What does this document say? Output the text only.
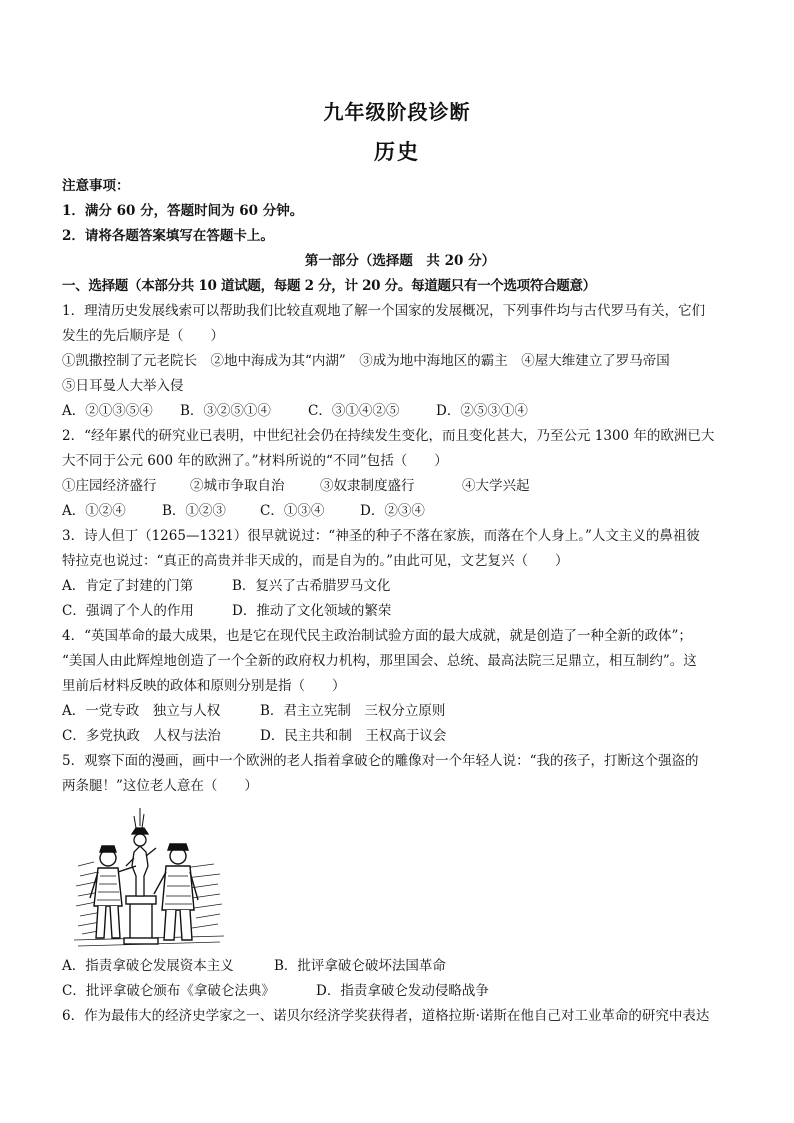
九年级阶段诊断
历史
注意事项：
1．满分 60 分，答题时间为 60 分钟。
2．请将各题答案填写在答题卡上。
第一部分（选择题　共 20 分）
一、选择题（本部分共 10 道试题，每题 2 分，计 20 分。每道题只有一个选项符合题意）
1．理清历史发展线索可以帮助我们比较直观地了解一个国家的发展概况，下列事件均与古代罗马有关，它们
发生的先后顺序是（　　）
①凯撒控制了元老院长　②地中海成为其“内湖”　③成为地中海地区的霸主　④屋大维建立了罗马帝国
⑤日耳曼人大举入侵
A．②①③⑤④ B．③②⑤①④	C．③①④②⑤	D．②⑤③①④
2．“经年累代的研究业已表明，中世纪社会仍在持续发生变化，而且变化甚大，乃至公元 1300 年的欧洲已大
大不同于公元 600 年的欧洲了。”材料所说的“不同”包括（　　）
①庄园经济盛行 ②城市争取自治	③奴隶制度盛行	④大学兴起
A．①②④	B．①②③	C．①③④	D．②③④
3．诗人但丁（1265—1321）很早就说过：“神圣的种子不落在家族，而落在个人身上。”人文主义的鼻祖彼
特拉克也说过：“真正的高贵并非天成的，而是自为的。”由此可见，文艺复兴（　　）
A．肯定了封建的门第	B．复兴了古希腊罗马文化
C．强调了个人的作用	D．推动了文化领域的繁荣
4．“英国革命的最大成果，也是它在现代民主政治制试验方面的最大成就，就是创造了一种全新的政体”；
“美国人由此辉煌地创造了一个全新的政府权力机构，那里国会、总统、最高法院三足鼎立，相互制约”。这
里前后材料反映的政体和原则分别是指（　　）
A．一党专政　独立与人权	B．君主立宪制　三权分立原则
C．多党执政　人权与法治	D．民主共和制　王权高于议会
5．观察下面的漫画，画中一个欧洲的老人指着拿破仑的雕像对一个年轻人说：“我的孩子，打断这个强盗的
两条腿！”这位老人意在（　　）
A．指责拿破仑发展资本主义	B．批评拿破仑破坏法国革命
C．批评拿破仑颁布《拿破仑法典》	D．指责拿破仑发动侵略战争
6．作为最伟大的经济史学家之一、诺贝尔经济学奖获得者，道格拉斯·诺斯在他自己对工业革命的研究中表达
